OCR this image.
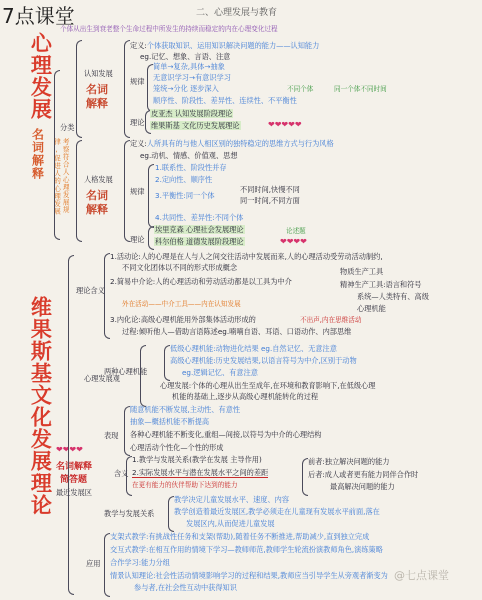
7点课堂
个体从出生到衰老整个生命过程中所发生的持续而稳定的内在心理变化过程
二、心理发展与教育
心理发展
名词解释	考察符合人心理发展规律,促进人的心理发展
维果斯基文化发展理论 ❤❤❤❤
名词解释
简答题
最近发展区
分类
认知发展
名词解释
定义:个体获取知识、运用知识解决问题的能力——认知能力
eg.记忆、想象、言语、注意
规律
简单→复杂,具体→抽象
无意识学习→有意识学习
笼统→分化 逐步深入
顺序性、阶段性、差异性、连续性、不平衡性
不同个体	同一个体不同时间
理论
皮亚杰 认知发展阶段理论
维果斯基 文化历史发展理论	❤❤❤❤❤
人格发展
名词解释
定义:人所具有的与他人相区别的独特稳定的思维方式与行为风格
eg.动机、情感、价值观、思想
规律
1.联系性、阶段性并存
2.定向性、顺序性
3.平衡性:同一个体
不同时间,快慢不同
同一时间,不同方面
4.共同性、差异性:不同个体
理论
埃里克森 心理社会发展理论
科尔伯格 道德发展阶段理论
论述题
❤❤❤❤
理论含义
1.活动论:人的心理是在人与人之间交往活动中发展而来,人的心理活动受劳动活动制约,
不同文化团体以不同的形式形成概念
2.简易中介论:人的心理活动和劳动活动都是以工具为中介
物质生产工具
精神生产工具:语言和符号
系统—人类特有、高级
心理机能
外在活动——中介工具——内在认知发展
3.内化论:高级心理机能用外部集体活动形成的	不出声,内在思维活动
过程:倾听他人—借助言语陈述eg.喃喃自语、耳语、口语动作、内部思维
心理发展观
两种心理机能
低级心理机能:动物进化结果 eg.自然记忆、无意注意
高级心理机能:历史发展结果,以语言符号为中介,区别于动物
eg.逻辑记忆、有意注意
心理发展:个体的心理从出生至成年,在环境和教育影响下,在低级心理
机能的基础上,逐步从高级心理机能转化的过程
表现
随意机能不断发展,主动性、有意性
抽象—概括机能不断提高
各种心理机能不断变化,重组—间接,以符号为中介的心理结构
心理活动个性化—个性的形成
含义
1.教学与发展关系(教学在发展 主导作用)
2.实际发展水平与潜在发展水平之间的差距
在更有能力的伙伴帮助下达到的能力
前者:独立解决问题的能力
后者:成人或者更有能力同伴合作时
最高解决问题的能力
教学与发展关系
教学决定儿童发展水平、速度、内容
教学创造着最近发展区,教学必须走在儿童现有发展水平前面,落在
发展区内,从而促进儿童发展
应用
支架式教学:有挑战性任务和支架(帮助),随着任务不断推进,帮助减少,直到独立完成
交互式教学:在相互作用的情境下学习—教师师范,教师学生轮流扮演教师角色,演练策略
合作学习:能力分组
情景认知理论:社会性活动情境影响学习的过程和结果,教师应当引导学生从旁观者渐变为
参与者,在社会性互动中获得知识
@七点课堂
